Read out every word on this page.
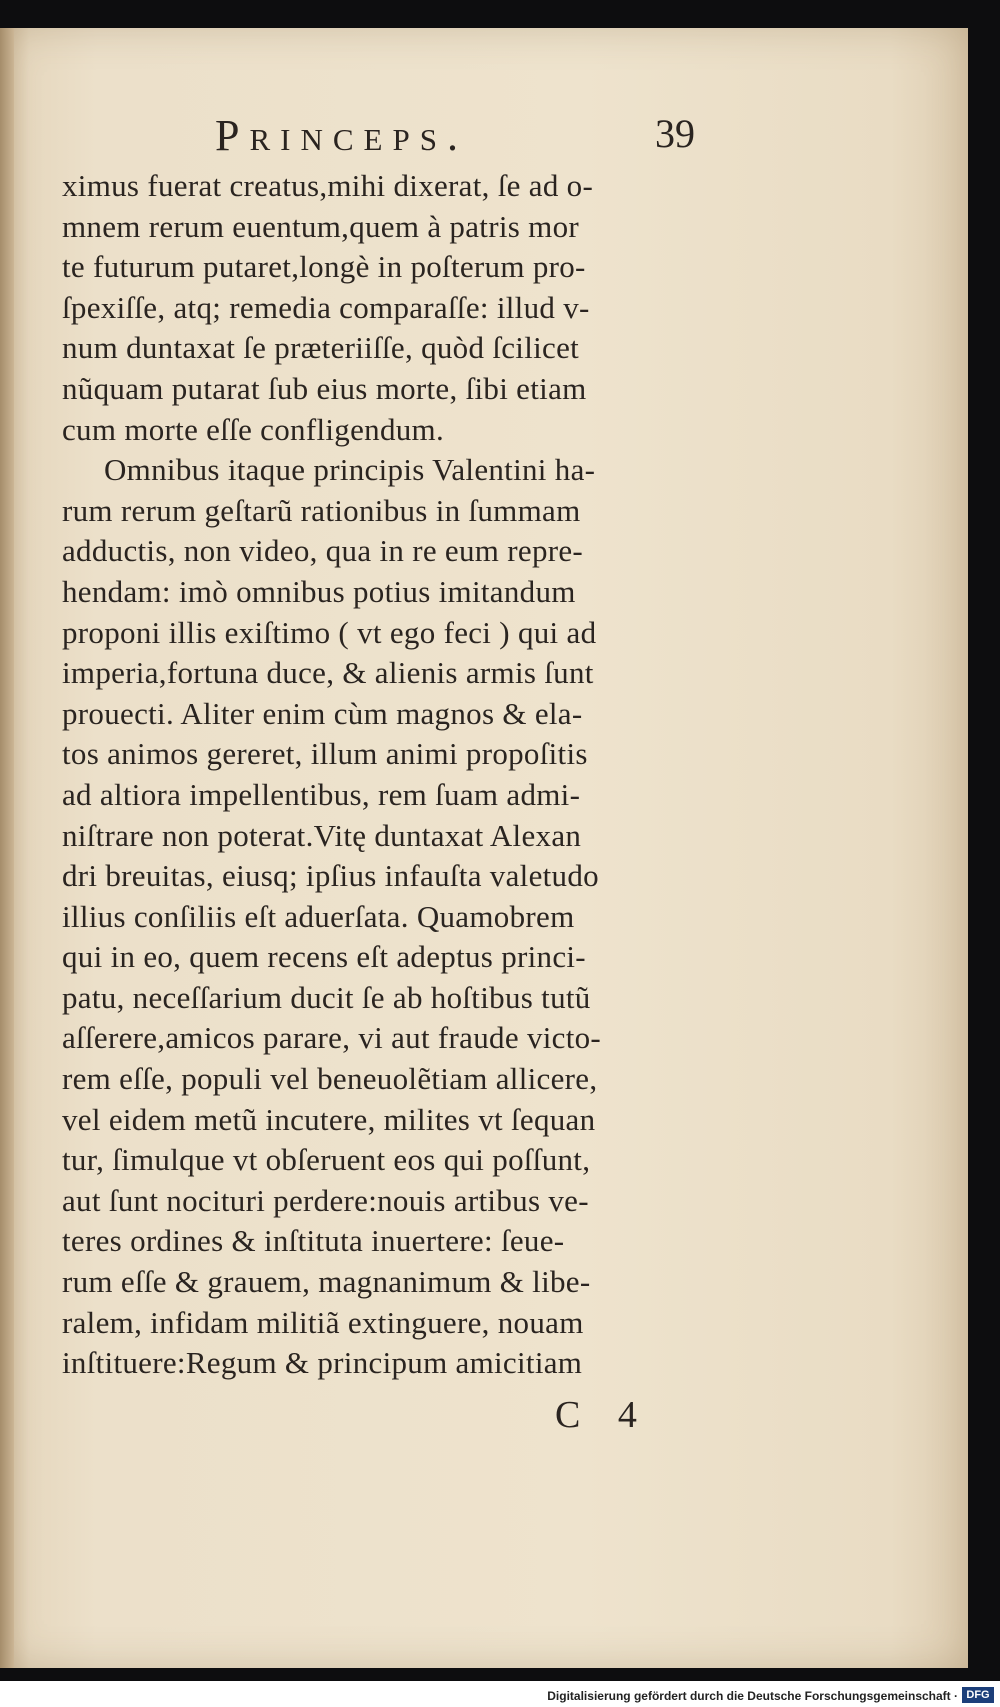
Princeps.	39
ximus fuerat creatus,mihi dixerat, ſe ad o-
mnem rerum euentum,quem à patris mor
te futurum putaret,longè in poſterum pro-
ſpexiſſe, atq; remedia comparaſſe: illud v-
num duntaxat ſe prӕteriiſſe, quòd ſcilicet
nũquam putarat ſub eius morte, ſibi etiam
cum morte eſſe confligendum.
Omnibus itaque principis Valentini ha-
rum rerum geſtarũ rationibus in ſummam
adductis, non video, qua in re eum repre-
hendam: imò omnibus potius imitandum
proponi illis exiſtimo ( vt ego feci ) qui ad
imperia,fortuna duce, & alienis armis ſunt
prouecti. Aliter enim cùm magnos & ela-
tos animos gereret, illum animi propoſitis
ad altiora impellentibus, rem ſuam admi-
niſtrare non poterat.Vitę duntaxat Alexan
dri breuitas, eiusq; ipſius infauſta valetudo
illius conſiliis eſt aduerſata. Quamobrem
qui in eo, quem recens eſt adeptus princi-
patu, neceſſarium ducit ſe ab hoſtibus tutũ
aſſerere,amicos parare, vi aut fraude victo-
rem eſſe, populi vel beneuolẽtiam allicere,
vel eidem metũ incutere, milites vt ſequan
tur, ſimulque vt obſeruent eos qui poſſunt,
aut ſunt nocituri perdere:nouis artibus ve-
teres ordines & inſtituta inuertere: ſeue-
rum eſſe & grauem, magnanimum & libe-
ralem, infidam militiã extinguere, nouam
inſtituere:Regum & principum amicitiam
C 4
Digitalisierung gefördert durch die Deutsche Forschungsgemeinschaft · DFG
